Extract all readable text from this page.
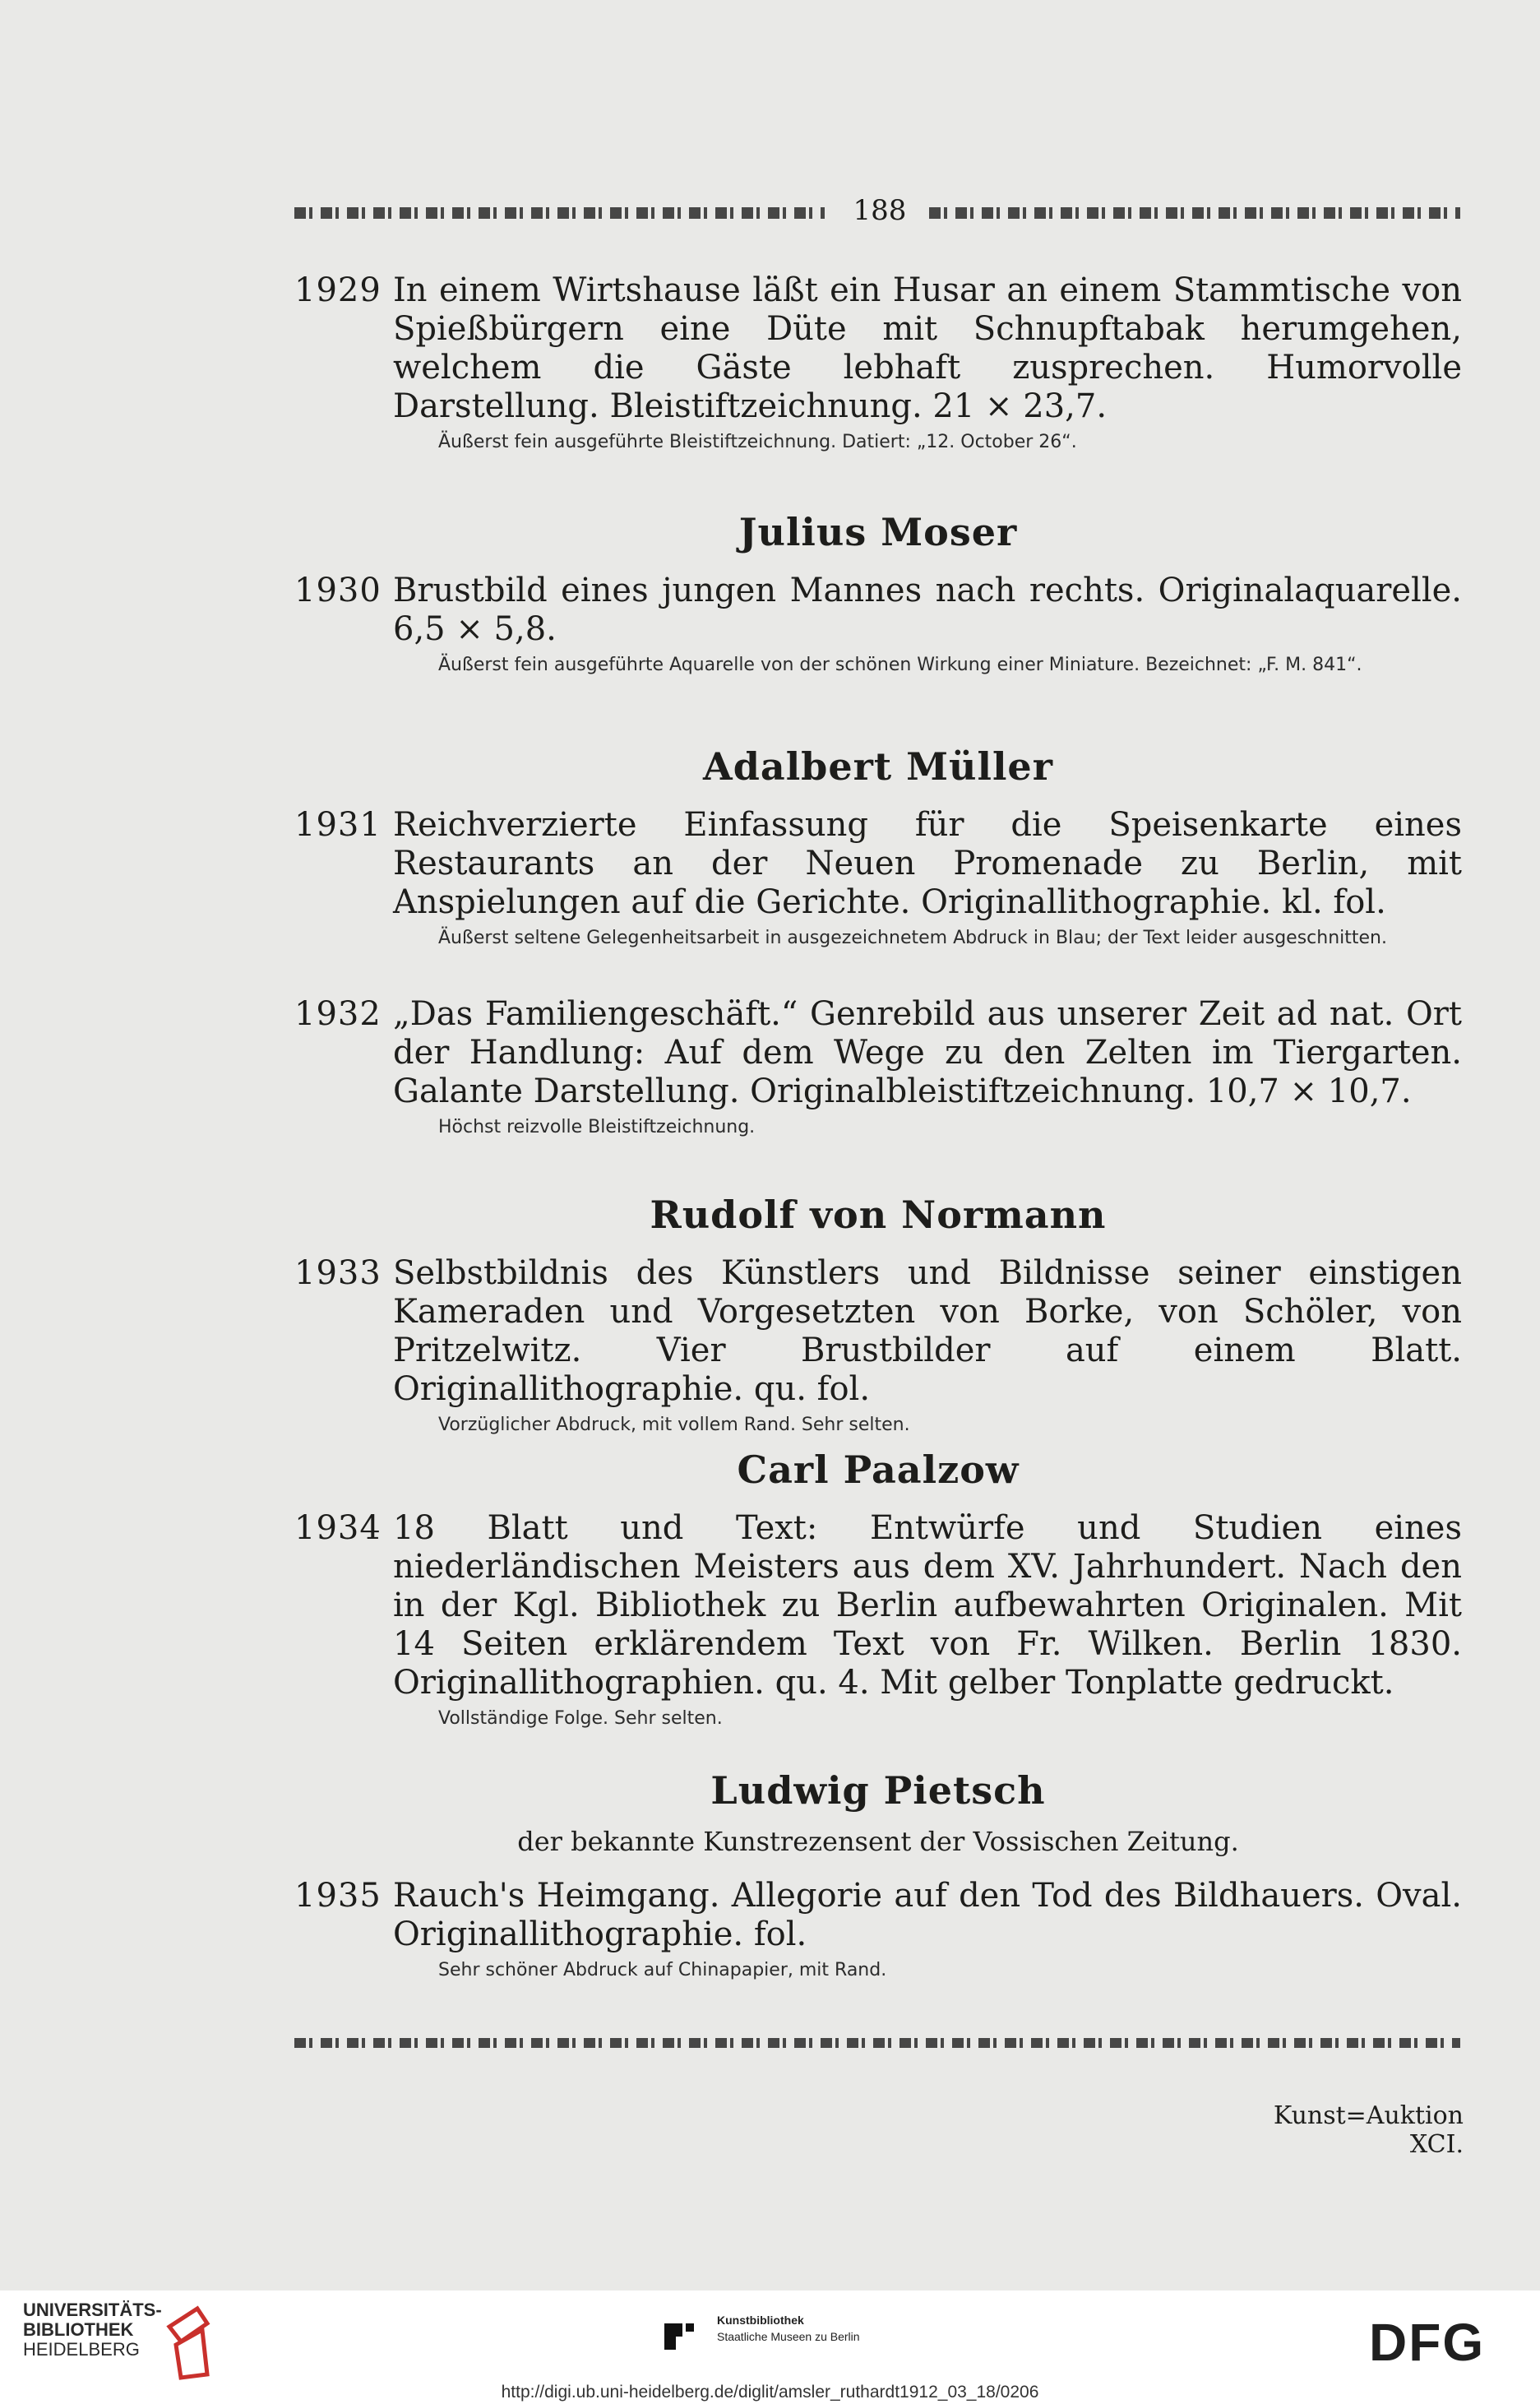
188
1929 In einem Wirtshause läßt ein Husar an einem Stammtische von Spießbürgern eine Düte mit Schnupftabak herumgehen, welchem die Gäste lebhaft zusprechen. Humorvolle Darstellung. Bleistiftzeichnung. 21 × 23,7.
Äußerst fein ausgeführte Bleistiftzeichnung. Datiert: „12. October 26“.
Julius Moser
1930 Brustbild eines jungen Mannes nach rechts. Originalaquarelle. 6,5 × 5,8.
Äußerst fein ausgeführte Aquarelle von der schönen Wirkung einer Miniature. Bezeichnet: „F. M. 841“.
Adalbert Müller
1931 Reichverzierte Einfassung für die Speisenkarte eines Restaurants an der Neuen Promenade zu Berlin, mit Anspielungen auf die Gerichte. Originallithographie. kl. fol.
Äußerst seltene Gelegenheitsarbeit in ausgezeichnetem Abdruck in Blau; der Text leider ausgeschnitten.
1932 „Das Familiengeschäft.“ Genrebild aus unserer Zeit ad nat. Ort der Handlung: Auf dem Wege zu den Zelten im Tiergarten. Galante Darstellung. Originalbleistiftzeichnung. 10,7 × 10,7.
Höchst reizvolle Bleistiftzeichnung.
Rudolf von Normann
1933 Selbstbildnis des Künstlers und Bildnisse seiner einstigen Kameraden und Vorgesetzten von Borke, von Schöler, von Pritzelwitz. Vier Brustbilder auf einem Blatt. Originallithographie. qu. fol.
Vorzüglicher Abdruck, mit vollem Rand. Sehr selten.
Carl Paalzow
1934 18 Blatt und Text: Entwürfe und Studien eines niederländischen Meisters aus dem XV. Jahrhundert. Nach den in der Kgl. Bibliothek zu Berlin aufbewahrten Originalen. Mit 14 Seiten erklärendem Text von Fr. Wilken. Berlin 1830. Originallithographien. qu. 4. Mit gelber Tonplatte gedruckt.
Vollständige Folge. Sehr selten.
Ludwig Pietsch
der bekannte Kunstrezensent der Vossischen Zeitung.
1935 Rauch's Heimgang. Allegorie auf den Tod des Bildhauers. Oval. Originallithographie. fol.
Sehr schöner Abdruck auf Chinapapier, mit Rand.
Kunst=Auktion XCI.
UNIVERSITÄTS-
BIBLIOTHEK
HEIDELBERG
Kunstbibliothek
Staatliche Museen zu Berlin	DFG
http://digi.ub.uni-heidelberg.de/diglit/amsler_ruthardt1912_03_18/0206
